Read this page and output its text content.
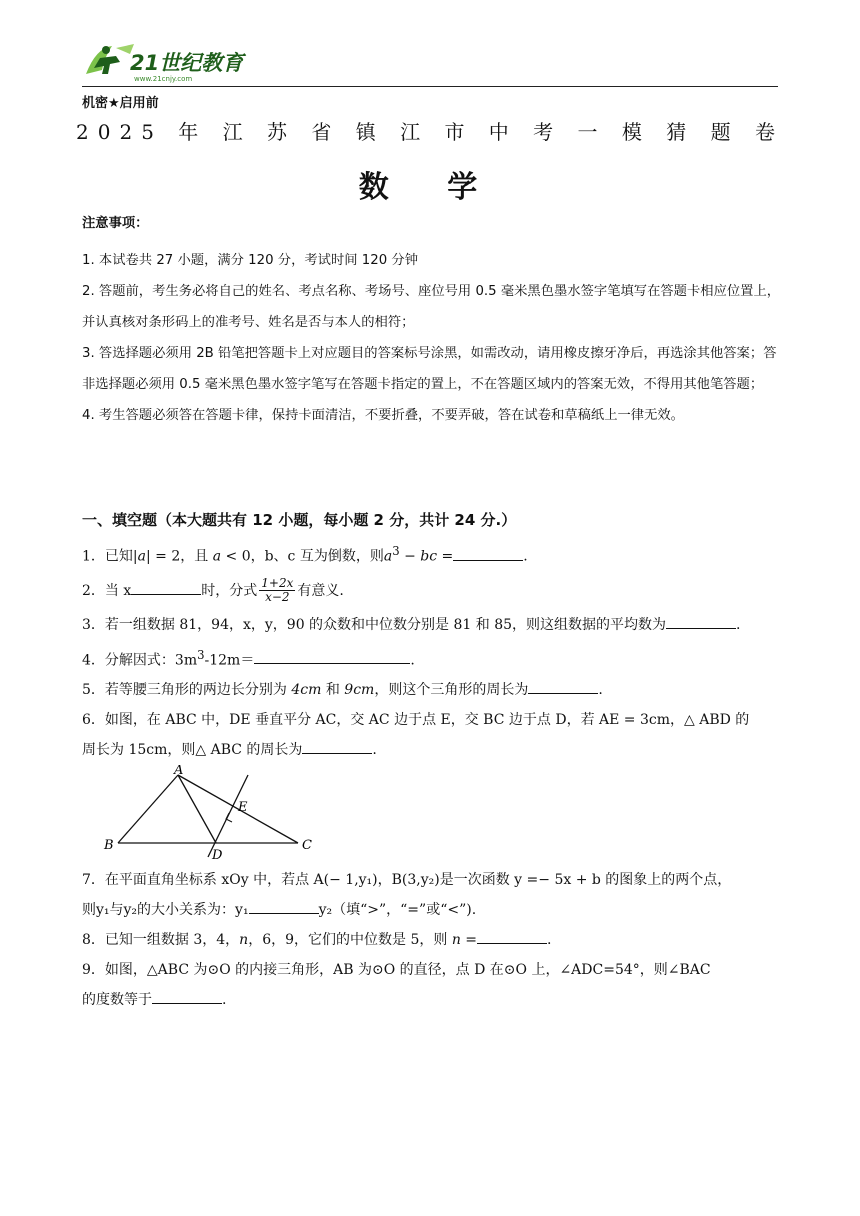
21世纪教育
www.21cnjy.com
机密★启用前
2025 年 江 苏 省 镇 江 市 中 考 一 模 猜 题 卷
数 学
注意事项：
1. 本试卷共 27 小题，满分 120 分，考试时间 120 分钟
2. 答题前，考生务必将自己的姓名、考点名称、考场号、座位号用 0.5 毫米黑色墨水签字笔填写在答题卡相应位置上，并认真核对条形码上的准考号、姓名是否与本人的相符；
3. 答选择题必须用 2B 铅笔把答题卡上对应题目的答案标号涂黑，如需改动，请用橡皮擦牙净后，再选涂其他答案；答非选择题必须用 0.5 毫米黑色墨水签字笔写在答题卡指定的置上，不在答题区域内的答案无效，不得用其他笔答题；
4. 考生答题必须答在答题卡律，保持卡面清洁，不要折叠，不要弄破，答在试卷和草稿纸上一律无效。
一、填空题（本大题共有 12 小题，每小题 2 分，共计 24 分.）
1．已知|a| = 2，且 a < 0，b、c 互为倒数，则$a^3$ − bc =	.
2．当 x	时，分式 $\frac{1+2x}{x-2}$ 有意义.
3．若一组数据 81，94，x，y，90 的众数和中位数分别是 81 和 85，则这组数据的平均数为	.
4．分解因式：$3m^3-12m=$	.
5．若等腰三角形的两边长分别为 4cm 和 9cm，则这个三角形的周长为	.
6．如图，在 ABC 中，DE 垂直平分 AC，交 AC 边于点 E，交 BC 边于点 D，若 AE = 3cm，△ ABD 的
周长为 15cm，则△ ABC 的周长为	.
A
B	C
D
E
7．在平面直角坐标系 xOy 中，若点 A(− 1,y₁)，B(3,y₂)是一次函数 y =− 5x + b 的图象上的两个点，
则y₁与y₂的大小关系为：y₁	y₂（填“>”，“=”或“<”).
8．已知一组数据 3，4，n，6，9，它们的中位数是 5，则 n =	.
9．如图，△ABC 为⊙O 的内接三角形，AB 为⊙O 的直径，点 D 在⊙O 上，∠ADC=54°，则∠BAC
的度数等于	.
